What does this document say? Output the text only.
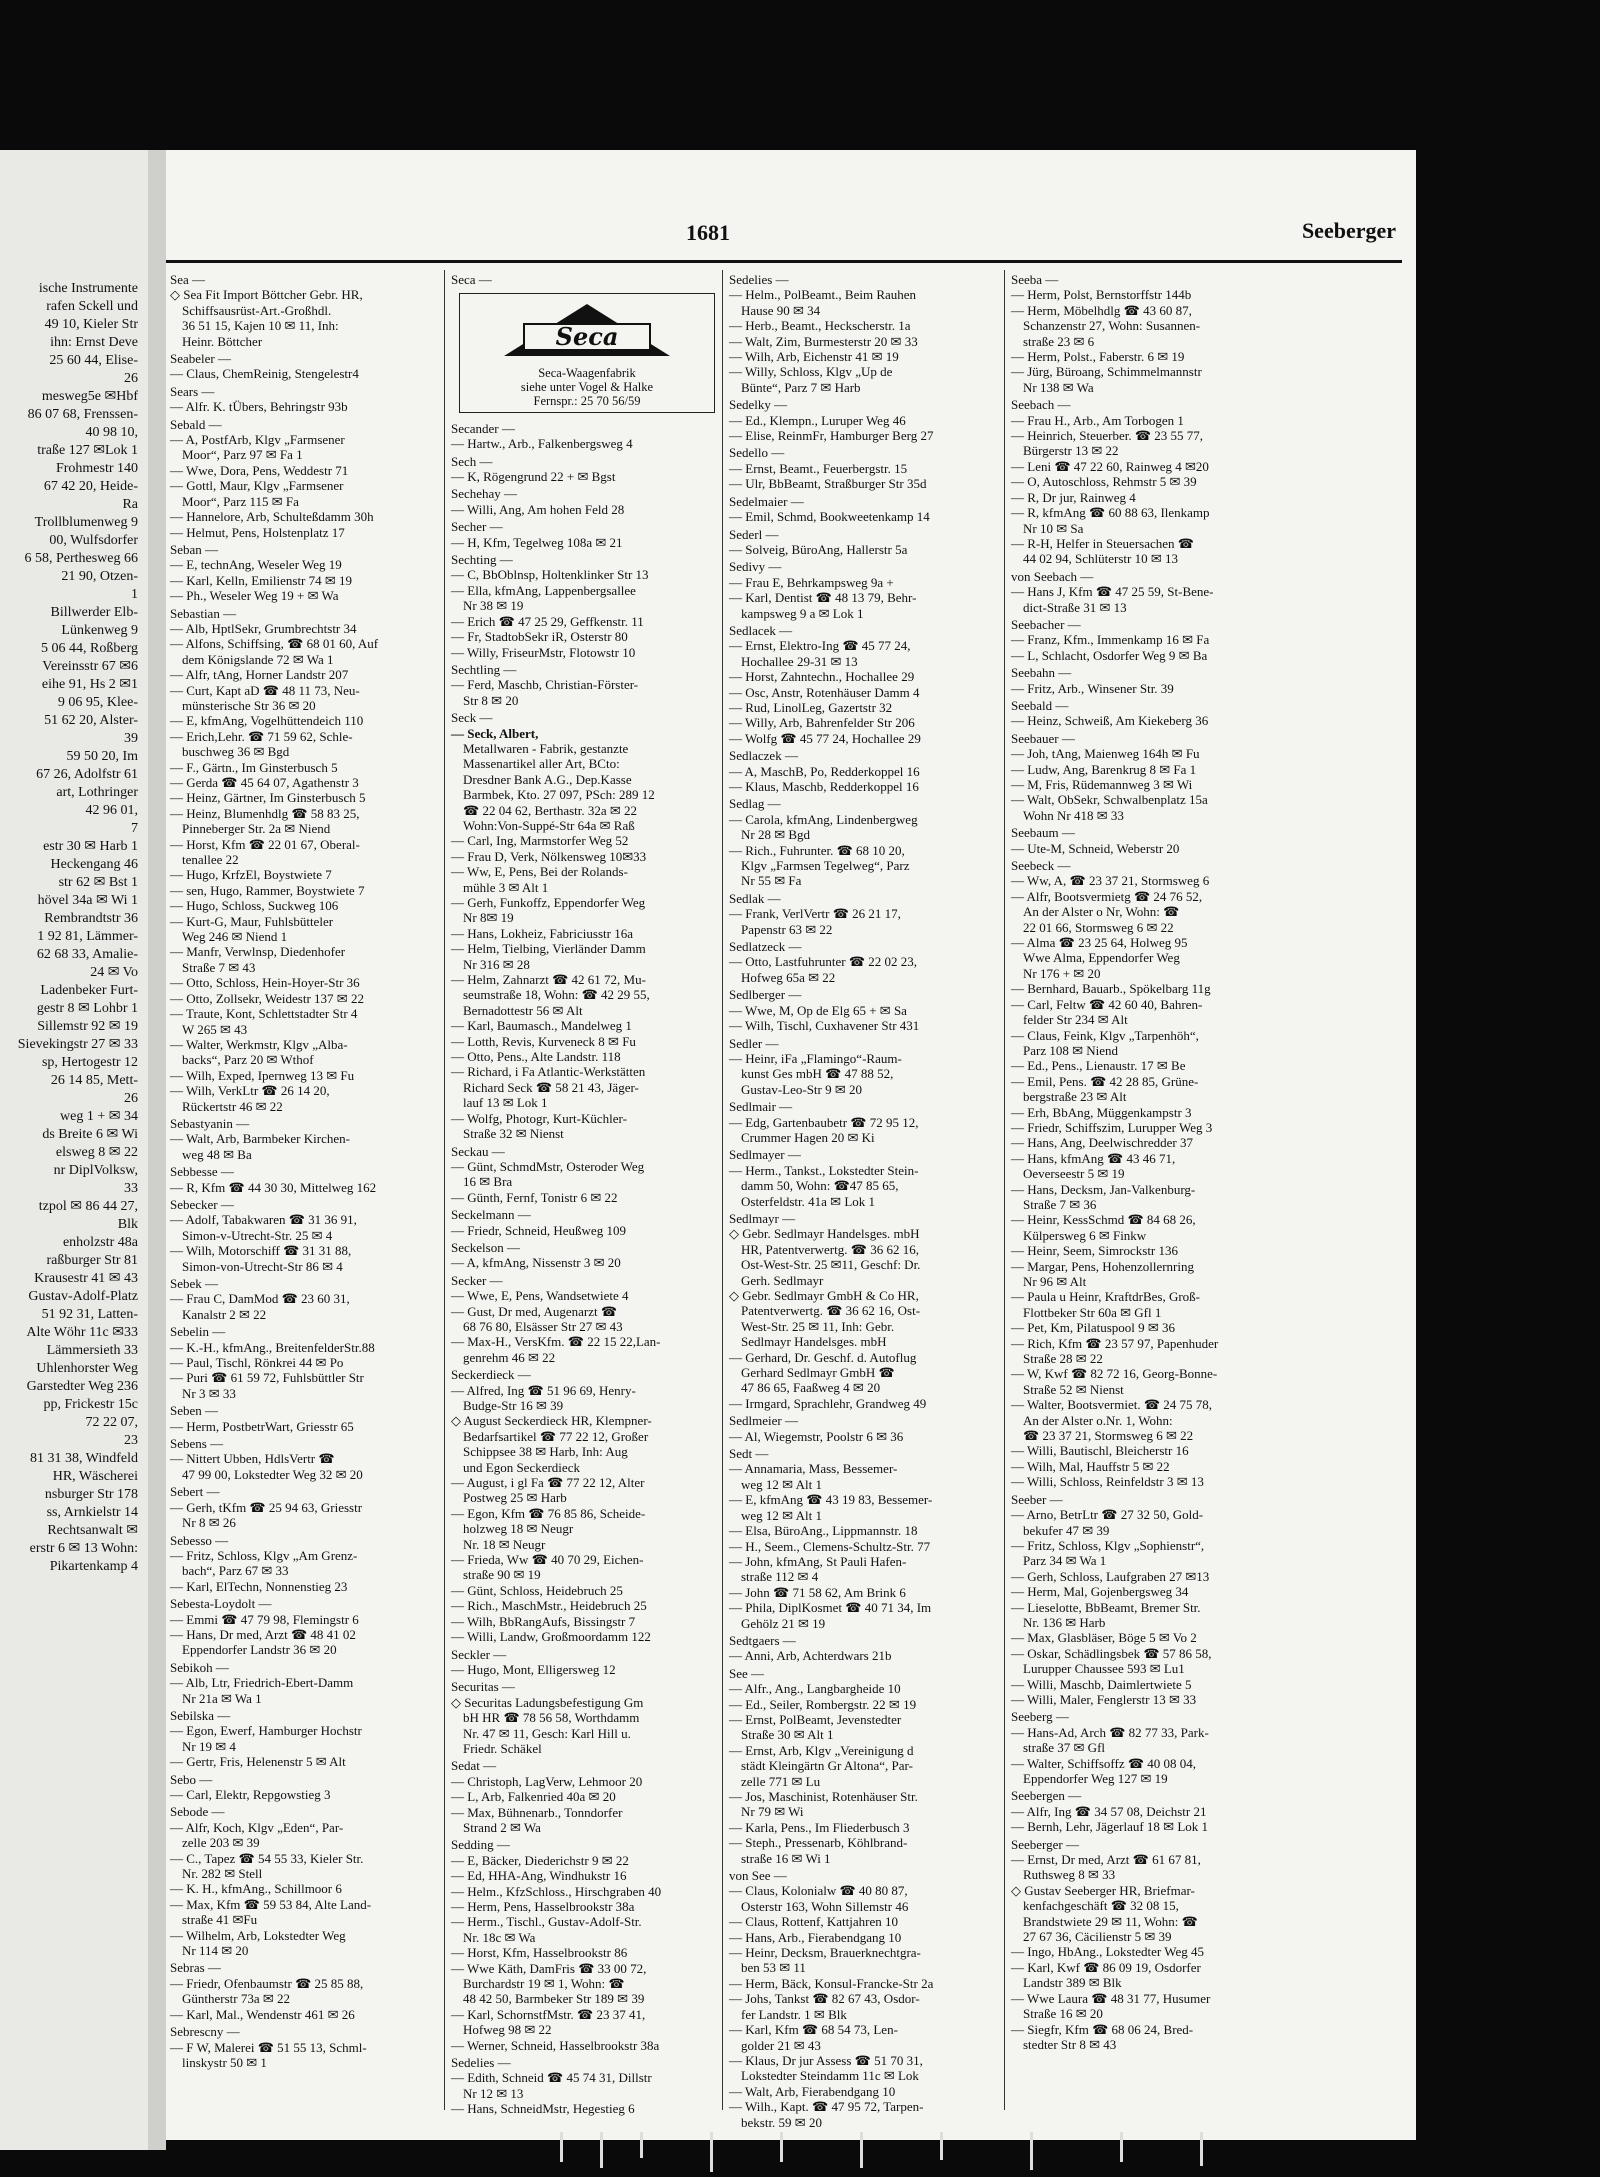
ische Instrumente
rafen Sckell und
49 10, Kieler Str
ihn: Ernst Deve
25 60 44, Elise-
26
mesweg5e ✉Hbf
86 07 68, Frenssen-
40 98 10,
traße 127 ✉Lok 1
Frohmestr 140
67 42 20, Heide-
Ra
Trollblumenweg 9
00, Wulfsdorfer
6 58, Perthesweg 66
21 90, Otzen-
1
Billwerder Elb-
Lünkenweg 9
5 06 44, Roßberg
Vereinsstr 67 ✉6
eihe 91, Hs 2 ✉1
9 06 95, Klee-
51 62 20, Alster-
39
59 50 20, Im
67 26, Adolfstr 61
art, Lothringer
42 96 01,
7
estr 30 ✉ Harb 1
Heckengang 46
str 62 ✉ Bst 1
hövel 34a ✉ Wi 1
Rembrandtstr 36
1 92 81, Lämmer-
62 68 33, Amalie-
24 ✉ Vo
Ladenbeker Furt-
gestr 8 ✉ Lohbr 1
Sillemstr 92 ✉ 19
Sievekingstr 27 ✉ 33
sp, Hertogestr 12
26 14 85, Mett-
26
weg 1 + ✉ 34
ds Breite 6 ✉ Wi
elsweg 8 ✉ 22
nr DiplVolksw,
33
tzpol ✉ 86 44 27,
Blk
enholzstr 48a
raßburger Str 81
Krausestr 41 ✉ 43
Gustav-Adolf-Platz
51 92 31, Latten-
Alte Wöhr 11c ✉33
Lämmersieth 33
Uhlenhorster Weg
Garstedter Weg 236
pp, Frickestr 15c
72 22 07,
23
81 31 38, Windfeld
HR, Wäscherei
nsburger Str 178
ss, Arnkielstr 14
Rechtsanwalt ✉
erstr 6 ✉ 13 Wohn:
Pikartenkamp 4
1681	Seeberger
Sea —
◇ Sea Fit Import Böttcher Gebr. HR,
Schiffsausrüst-Art.-Großhdl.
36 51 15, Kajen 10 ✉ 11, Inh:
Heinr. Böttcher
Seabeler —
— Claus, ChemReinig, Stengelestr4
Sears —
— Alfr. K. tÜbers, Behringstr 93b
Sebald —
— A, PostfArb, Klgv „Farmsener
Moor“, Parz 97 ✉ Fa 1
— Wwe, Dora, Pens, Weddestr 71
— Gottl, Maur, Klgv „Farmsener
Moor“, Parz 115 ✉ Fa
— Hannelore, Arb, Schulteßdamm 30h
— Helmut, Pens, Holstenplatz 17
Seban —
— E, technAng, Weseler Weg 19
— Karl, Kelln, Emilienstr 74 ✉ 19
— Ph., Weseler Weg 19 + ✉ Wa
Sebastian —
— Alb, HptlSekr, Grumbrechtstr 34
— Alfons, Schiffsing, ☎ 68 01 60, Auf
dem Königslande 72 ✉ Wa 1
— Alfr, tAng, Horner Landstr 207
— Curt, Kapt aD ☎ 48 11 73, Neu-
münsterische Str 36 ✉ 20
— E, kfmAng, Vogelhüttendeich 110
— Erich,Lehr. ☎ 71 59 62, Schle-
buschweg 36 ✉ Bgd
— F., Gärtn., Im Ginsterbusch 5
— Gerda ☎ 45 64 07, Agathenstr 3
— Heinz, Gärtner, Im Ginsterbusch 5
— Heinz, Blumenhdlg ☎ 58 83 25,
Pinneberger Str. 2a ✉ Niend
— Horst, Kfm ☎ 22 01 67, Oberal-
tenallee 22
— Hugo, KrfzEl, Boystwiete 7
— sen, Hugo, Rammer, Boystwiete 7
— Hugo, Schloss, Suckweg 106
— Kurt-G, Maur, Fuhlsbütteler
Weg 246 ✉ Niend 1
— Manfr, Verwlnsp, Diedenhofer
Straße 7 ✉ 43
— Otto, Schloss, Hein-Hoyer-Str 36
— Otto, Zollsekr, Weidestr 137 ✉ 22
— Traute, Kont, Schlettstadter Str 4
W 265 ✉ 43
— Walter, Werkmstr, Klgv „Alba-
backs“, Parz 20 ✉ Wthof
— Wilh, Exped, Ipernweg 13 ✉ Fu
— Wilh, VerkLtr ☎ 26 14 20,
Rückertstr 46 ✉ 22
Sebastyanin —
— Walt, Arb, Barmbeker Kirchen-
weg 48 ✉ Ba
Sebbesse —
— R, Kfm ☎ 44 30 30, Mittelweg 162
Sebecker —
— Adolf, Tabakwaren ☎ 31 36 91,
Simon-v-Utrecht-Str. 25 ✉ 4
— Wilh, Motorschiff ☎ 31 31 88,
Simon-von-Utrecht-Str 86 ✉ 4
Sebek —
— Frau C, DamMod ☎ 23 60 31,
Kanalstr 2 ✉ 22
Sebelin —
— K.-H., kfmAng., BreitenfelderStr.88
— Paul, Tischl, Rönkrei 44 ✉ Po
— Puri ☎ 61 59 72, Fuhlsbüttler Str
Nr 3 ✉ 33
Seben —
— Herm, PostbetrWart, Griesstr 65
Sebens —
— Nittert Ubben, HdlsVertr ☎
47 99 00, Lokstedter Weg 32 ✉ 20
Sebert —
— Gerh, tKfm ☎ 25 94 63, Griesstr
Nr 8 ✉ 26
Sebesso —
— Fritz, Schloss, Klgv „Am Grenz-
bach“, Parz 67 ✉ 33
— Karl, ElTechn, Nonnenstieg 23
Sebesta-Loydolt —
— Emmi ☎ 47 79 98, Flemingstr 6
— Hans, Dr med, Arzt ☎ 48 41 02
Eppendorfer Landstr 36 ✉ 20
Sebikoh —
— Alb, Ltr, Friedrich-Ebert-Damm
Nr 21a ✉ Wa 1
Sebilska —
— Egon, Ewerf, Hamburger Hochstr
Nr 19 ✉ 4
— Gertr, Fris, Helenenstr 5 ✉ Alt
Sebo —
— Carl, Elektr, Repgowstieg 3
Sebode —
— Alfr, Koch, Klgv „Eden“, Par-
zelle 203 ✉ 39
— C., Tapez ☎ 54 55 33, Kieler Str.
Nr. 282 ✉ Stell
— K. H., kfmAng., Schillmoor 6
— Max, Kfm ☎ 59 53 84, Alte Land-
straße 41 ✉Fu
— Wilhelm, Arb, Lokstedter Weg
Nr 114 ✉ 20
Sebras —
— Friedr, Ofenbaumstr ☎ 25 85 88,
Güntherstr 73a ✉ 22
— Karl, Mal., Wendenstr 461 ✉ 26
Sebrescny —
— F W, Malerei ☎ 51 55 13, Schml-
linskystr 50 ✉ 1
Seca —
Seca
Seca-Waagenfabrik
siehe unter Vogel & Halke
Fernspr.: 25 70 56/59
Secander —
— Hartw., Arb., Falkenbergsweg 4
Sech —
— K, Rögengrund 22 + ✉ Bgst
Sechehay —
— Willi, Ang, Am hohen Feld 28
Secher —
— H, Kfm, Tegelweg 108a ✉ 21
Sechting —
— C, BbOblnsp, Holtenklinker Str 13
— Ella, kfmAng, Lappenbergsallee
Nr 38 ✉ 19
— Erich ☎ 47 25 29, Geffkenstr. 11
— Fr, StadtobSekr iR, Osterstr 80
— Willy, FriseurMstr, Flotowstr 10
Sechtling —
— Ferd, Maschb, Christian-Förster-
Str 8 ✉ 20
Seck —
— Seck, Albert,
Metallwaren - Fabrik, gestanzte
Massenartikel aller Art, BCto:
Dresdner Bank A.G., Dep.Kasse
Barmbek, Kto. 27 097, PSch: 289 12
☎ 22 04 62, Berthastr. 32a ✉ 22
Wohn:Von-Suppé-Str 64a ✉ Raß
— Carl, Ing, Marmstorfer Weg 52
— Frau D, Verk, Nölkensweg 10✉33
— Ww, E, Pens, Bei der Rolands-
mühle 3 ✉ Alt 1
— Gerh, Funkoffz, Eppendorfer Weg
Nr 8✉ 19
— Hans, Lokheiz, Fabriciusstr 16a
— Helm, Tielbing, Vierländer Damm
Nr 316 ✉ 28
— Helm, Zahnarzt ☎ 42 61 72, Mu-
seumstraße 18, Wohn: ☎ 42 29 55,
Bernadottestr 56 ✉ Alt
— Karl, Baumasch., Mandelweg 1
— Lotth, Revis, Kurveneck 8 ✉ Fu
— Otto, Pens., Alte Landstr. 118
— Richard, i Fa Atlantic-Werkstätten
Richard Seck ☎ 58 21 43, Jäger-
lauf 13 ✉ Lok 1
— Wolfg, Photogr, Kurt-Küchler-
Straße 32 ✉ Nienst
Seckau —
— Günt, SchmdMstr, Osteroder Weg
16 ✉ Bra
— Günth, Fernf, Tonistr 6 ✉ 22
Seckelmann —
— Friedr, Schneid, Heußweg 109
Seckelson —
— A, kfmAng, Nissenstr 3 ✉ 20
Secker —
— Wwe, E, Pens, Wandsetwiete 4
— Gust, Dr med, Augenarzt ☎
68 76 80, Elsässer Str 27 ✉ 43
— Max-H., VersKfm. ☎ 22 15 22,Lan-
genrehm 46 ✉ 22
Seckerdieck —
— Alfred, Ing ☎ 51 96 69, Henry-
Budge-Str 16 ✉ 39
◇ August Seckerdieck HR, Klempner-
Bedarfsartikel ☎ 77 22 12, Großer
Schippsee 38 ✉ Harb, Inh: Aug
und Egon Seckerdieck
— August, i gl Fa ☎ 77 22 12, Alter
Postweg 25 ✉ Harb
— Egon, Kfm ☎ 76 85 86, Scheide-
holzweg 18 ✉ Neugr
Nr. 18 ✉ Neugr
— Frieda, Ww ☎ 40 70 29, Eichen-
straße 90 ✉ 19
— Günt, Schloss, Heidebruch 25
— Rich., MaschMstr., Heidebruch 25
— Wilh, BbRangAufs, Bissingstr 7
— Willi, Landw, Großmoordamm 122
Seckler —
— Hugo, Mont, Elligersweg 12
Securitas —
◇ Securitas Ladungsbefestigung Gm
bH HR ☎ 78 56 58, Worthdamm
Nr. 47 ✉ 11, Gesch: Karl Hill u.
Friedr. Schäkel
Sedat —
— Christoph, LagVerw, Lehmoor 20
— L, Arb, Falkenried 40a ✉ 20
— Max, Bühnenarb., Tonndorfer
Strand 2 ✉ Wa
Sedding —
— E, Bäcker, Diederichstr 9 ✉ 22
— Ed, HHA-Ang, Windhukstr 16
— Helm., KfzSchloss., Hirschgraben 40
— Herm, Pens, Hasselbrookstr 38a
— Herm., Tischl., Gustav-Adolf-Str.
Nr. 18c ✉ Wa
— Horst, Kfm, Hasselbrookstr 86
— Wwe Käth, DamFris ☎ 33 00 72,
Burchardstr 19 ✉ 1, Wohn: ☎
48 42 50, Barmbeker Str 189 ✉ 39
— Karl, SchornstfMstr. ☎ 23 37 41,
Hofweg 98 ✉ 22
— Werner, Schneid, Hasselbrookstr 38a
Sedelies —
— Edith, Schneid ☎ 45 74 31, Dillstr
Nr 12 ✉ 13
— Hans, SchneidMstr, Hegestieg 6
Sedelies —
— Helm., PolBeamt., Beim Rauhen
Hause 90 ✉ 34
— Herb., Beamt., Heckscherstr. 1a
— Walt, Zim, Burmesterstr 20 ✉ 33
— Wilh, Arb, Eichenstr 41 ✉ 19
— Willy, Schloss, Klgv „Up de
Bünte“, Parz 7 ✉ Harb
Sedelky —
— Ed., Klempn., Luruper Weg 46
— Elise, ReinmFr, Hamburger Berg 27
Sedello —
— Ernst, Beamt., Feuerbergstr. 15
— Ulr, BbBeamt, Straßburger Str 35d
Sedelmaier —
— Emil, Schmd, Bookweetenkamp 14
Sederl —
— Solveig, BüroAng, Hallerstr 5a
Sedivy —
— Frau E, Behrkampsweg 9a +
— Karl, Dentist ☎ 48 13 79, Behr-
kampsweg 9 a ✉ Lok 1
Sedlacek —
— Ernst, Elektro-Ing ☎ 45 77 24,
Hochallee 29-31 ✉ 13
— Horst, Zahntechn., Hochallee 29
— Osc, Anstr, Rotenhäuser Damm 4
— Rud, LinolLeg, Gazertstr 32
— Willy, Arb, Bahrenfelder Str 206
— Wolfg ☎ 45 77 24, Hochallee 29
Sedlaczek —
— A, MaschB, Po, Redderkoppel 16
— Klaus, Maschb, Redderkoppel 16
Sedlag —
— Carola, kfmAng, Lindenbergweg
Nr 28 ✉ Bgd
— Rich., Fuhrunter. ☎ 68 10 20,
Klgv „Farmsen Tegelweg“, Parz
Nr 55 ✉ Fa
Sedlak —
— Frank, VerlVertr ☎ 26 21 17,
Papenstr 63 ✉ 22
Sedlatzeck —
— Otto, Lastfuhrunter ☎ 22 02 23,
Hofweg 65a ✉ 22
Sedlberger —
— Wwe, M, Op de Elg 65 + ✉ Sa
— Wilh, Tischl, Cuxhavener Str 431
Sedler —
— Heinr, iFa „Flamingo“-Raum-
kunst Ges mbH ☎ 47 88 52,
Gustav-Leo-Str 9 ✉ 20
Sedlmair —
— Edg, Gartenbaubetr ☎ 72 95 12,
Crummer Hagen 20 ✉ Ki
Sedlmayer —
— Herm., Tankst., Lokstedter Stein-
damm 50, Wohn: ☎47 85 65,
Osterfeldstr. 41a ✉ Lok 1
Sedlmayr —
◇ Gebr. Sedlmayr Handelsges. mbH
HR, Patentverwertg. ☎ 36 62 16,
Ost-West-Str. 25 ✉11, Geschf: Dr.
Gerh. Sedlmayr
◇ Gebr. Sedlmayr GmbH & Co HR,
Patentverwertg. ☎ 36 62 16, Ost-
West-Str. 25 ✉ 11, Inh: Gebr.
Sedlmayr Handelsges. mbH
— Gerhard, Dr. Geschf. d. Autoflug
Gerhard Sedlmayr GmbH ☎
47 86 65, Faaßweg 4 ✉ 20
— Irmgard, Sprachlehr, Grandweg 49
Sedlmeier —
— Al, Wiegemstr, Poolstr 6 ✉ 36
Sedt —
— Annamaria, Mass, Bessemer-
weg 12 ✉ Alt 1
— E, kfmAng ☎ 43 19 83, Bessemer-
weg 12 ✉ Alt 1
— Elsa, BüroAng., Lippmannstr. 18
— H., Seem., Clemens-Schultz-Str. 77
— John, kfmAng, St Pauli Hafen-
straße 112 ✉ 4
— John ☎ 71 58 62, Am Brink 6
— Phila, DiplKosmet ☎ 40 71 34, Im
Gehölz 21 ✉ 19
Sedtgaers —
— Anni, Arb, Achterdwars 21b
See —
— Alfr., Ang., Langbargheide 10
— Ed., Seiler, Rombergstr. 22 ✉ 19
— Ernst, PolBeamt, Jevenstedter
Straße 30 ✉ Alt 1
— Ernst, Arb, Klgv „Vereinigung d
städt Kleingärtn Gr Altona“, Par-
zelle 771 ✉ Lu
— Jos, Maschinist, Rotenhäuser Str.
Nr 79 ✉ Wi
— Karla, Pens., Im Fliederbusch 3
— Steph., Pressenarb, Köhlbrand-
straße 16 ✉ Wi 1
von See —
— Claus, Kolonialw ☎ 40 80 87,
Osterstr 163, Wohn Sillemstr 46
— Claus, Rottenf, Kattjahren 10
— Hans, Arb., Fierabendgang 10
— Heinr, Decksm, Brauerknechtgra-
ben 53 ✉ 11
— Herm, Bäck, Konsul-Francke-Str 2a
— Johs, Tankst ☎ 82 67 43, Osdor-
fer Landstr. 1 ✉ Blk
— Karl, Kfm ☎ 68 54 73, Len-
golder 21 ✉ 43
— Klaus, Dr jur Assess ☎ 51 70 31,
Lokstedter Steindamm 11c ✉ Lok
— Walt, Arb, Fierabendgang 10
— Wilh., Kapt. ☎ 47 95 72, Tarpen-
bekstr. 59 ✉ 20
Seeba —
— Herm, Polst, Bernstorffstr 144b
— Herm, Möbelhdlg ☎ 43 60 87,
Schanzenstr 27, Wohn: Susannen-
straße 23 ✉ 6
— Herm, Polst., Faberstr. 6 ✉ 19
— Jürg, Büroang, Schimmelmannstr
Nr 138 ✉ Wa
Seebach —
— Frau H., Arb., Am Torbogen 1
— Heinrich, Steuerber. ☎ 23 55 77,
Bürgerstr 13 ✉ 22
— Leni ☎ 47 22 60, Rainweg 4 ✉20
— O, Autoschloss, Rehmstr 5 ✉ 39
— R, Dr jur, Rainweg 4
— R, kfmAng ☎ 60 88 63, Ilenkamp
Nr 10 ✉ Sa
— R-H, Helfer in Steuersachen ☎
44 02 94, Schlüterstr 10 ✉ 13
von Seebach —
— Hans J, Kfm ☎ 47 25 59, St-Bene-
dict-Straße 31 ✉ 13
Seebacher —
— Franz, Kfm., Immenkamp 16 ✉ Fa
— L, Schlacht, Osdorfer Weg 9 ✉ Ba
Seebahn —
— Fritz, Arb., Winsener Str. 39
Seebald —
— Heinz, Schweiß, Am Kiekeberg 36
Seebauer —
— Joh, tAng, Maienweg 164h ✉ Fu
— Ludw, Ang, Barenkrug 8 ✉ Fa 1
— M, Fris, Rüdemannweg 3 ✉ Wi
— Walt, ObSekr, Schwalbenplatz 15a
Wohn Nr 418 ✉ 33
Seebaum —
— Ute-M, Schneid, Weberstr 20
Seebeck —
— Ww, A, ☎ 23 37 21, Stormsweg 6
— Alfr, Bootsvermietg ☎ 24 76 52,
An der Alster o Nr, Wohn: ☎
22 01 66, Stormsweg 6 ✉ 22
— Alma ☎ 23 25 64, Holweg 95
Wwe Alma, Eppendorfer Weg
Nr 176 + ✉ 20
— Bernhard, Bauarb., Spökelbarg 11g
— Carl, Feltw ☎ 42 60 40, Bahren-
felder Str 234 ✉ Alt
— Claus, Feink, Klgv „Tarpenhöh“,
Parz 108 ✉ Niend
— Ed., Pens., Lienaustr. 17 ✉ Be
— Emil, Pens. ☎ 42 28 85, Grüne-
bergstraße 23 ✉ Alt
— Erh, BbAng, Müggenkampstr 3
— Friedr, Schiffszim, Lurupper Weg 3
— Hans, Ang, Deelwischredder 37
— Hans, kfmAng ☎ 43 46 71,
Oeverseestr 5 ✉ 19
— Hans, Decksm, Jan-Valkenburg-
Straße 7 ✉ 36
— Heinr, KessSchmd ☎ 84 68 26,
Külpersweg 6 ✉ Finkw
— Heinr, Seem, Simrockstr 136
— Margar, Pens, Hohenzollernring
Nr 96 ✉ Alt
— Paula u Heinr, KraftdrBes, Groß-
Flottbeker Str 60a ✉ Gfl 1
— Pet, Km, Pilatuspool 9 ✉ 36
— Rich, Kfm ☎ 23 57 97, Papenhuder
Straße 28 ✉ 22
— W, Kwf ☎ 82 72 16, Georg-Bonne-
Straße 52 ✉ Nienst
— Walter, Bootsvermiet. ☎ 24 75 78,
An der Alster o.Nr. 1, Wohn:
☎ 23 37 21, Stormsweg 6 ✉ 22
— Willi, Bautischl, Bleicherstr 16
— Wilh, Mal, Hauffstr 5 ✉ 22
— Willi, Schloss, Reinfeldstr 3 ✉ 13
Seeber —
— Arno, BetrLtr ☎ 27 32 50, Gold-
bekufer 47 ✉ 39
— Fritz, Schloss, Klgv „Sophienstr“,
Parz 34 ✉ Wa 1
— Gerh, Schloss, Laufgraben 27 ✉13
— Herm, Mal, Gojenbergsweg 34
— Lieselotte, BbBeamt, Bremer Str.
Nr. 136 ✉ Harb
— Max, Glasbläser, Böge 5 ✉ Vo 2
— Oskar, Schädlingsbek ☎ 57 86 58,
Lurupper Chaussee 593 ✉ Lu1
— Willi, Maschb, Daimlertwiete 5
— Willi, Maler, Fenglerstr 13 ✉ 33
Seeberg —
— Hans-Ad, Arch ☎ 82 77 33, Park-
straße 37 ✉ Gfl
— Walter, Schiffsoffz ☎ 40 08 04,
Eppendorfer Weg 127 ✉ 19
Seebergen —
— Alfr, Ing ☎ 34 57 08, Deichstr 21
— Bernh, Lehr, Jägerlauf 18 ✉ Lok 1
Seeberger —
— Ernst, Dr med, Arzt ☎ 61 67 81,
Ruthsweg 8 ✉ 33
◇ Gustav Seeberger HR, Briefmar-
kenfachgeschäft ☎ 32 08 15,
Brandstwiete 29 ✉ 11, Wohn: ☎
27 67 36, Cäcilienstr 5 ✉ 39
— Ingo, HbAng., Lokstedter Weg 45
— Karl, Kwf ☎ 86 09 19, Osdorfer
Landstr 389 ✉ Blk
— Wwe Laura ☎ 48 31 77, Husumer
Straße 16 ✉ 20
— Siegfr, Kfm ☎ 68 06 24, Bred-
stedter Str 8 ✉ 43
